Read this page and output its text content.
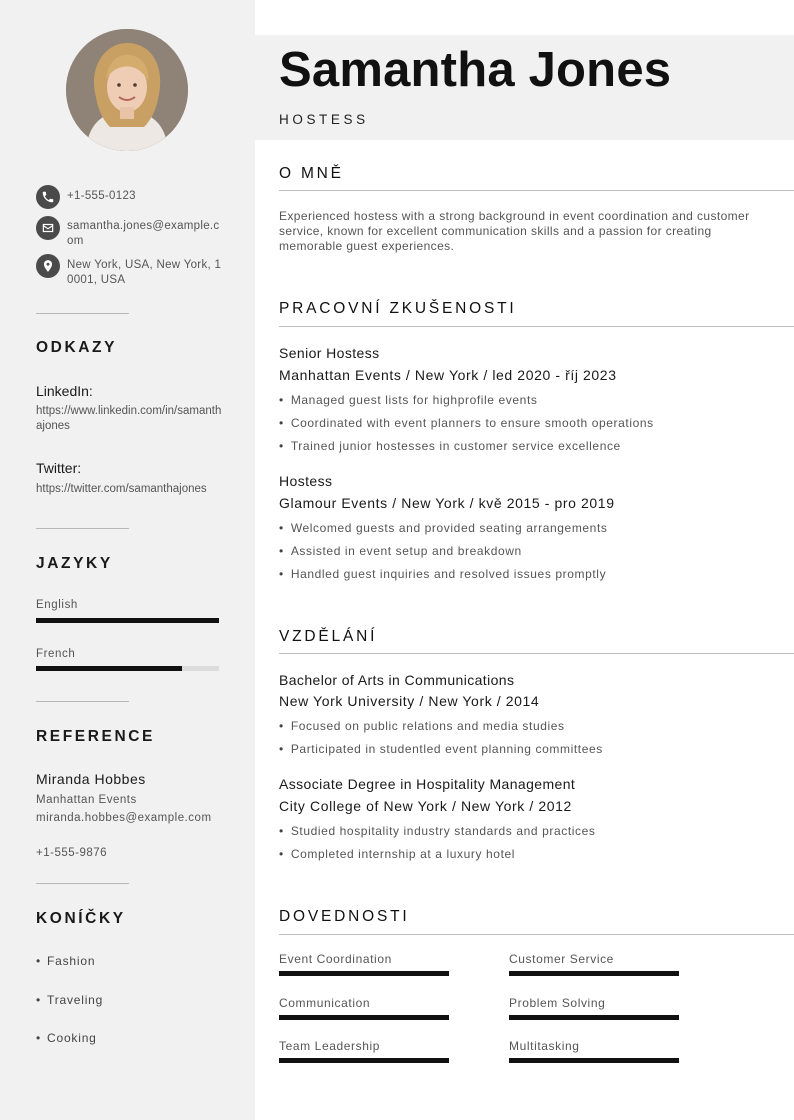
+1-555-0123
samantha.jones@example.com
New York, USA, New York, 10001, USA
ODKAZY
LinkedIn:
https://www.linkedin.com/in/samanthajones
Twitter:
https://twitter.com/samanthajones
JAZYKY
English
French
REFERENCE
Miranda Hobbes
Manhattan Events
miranda.hobbes@example.com
+1-555-9876
KONÍČKY
• Fashion
• Traveling
• Cooking
Samantha Jones
HOSTESS
O MNĚ
Experienced hostess with a strong background in event coordination and customer service, known for excellent communication skills and a passion for creating memorable guest experiences.
PRACOVNÍ ZKUŠENOSTI
Senior Hostess
Manhattan Events / New York / led 2020 - říj 2023
• Managed guest lists for highprofile events
• Coordinated with event planners to ensure smooth operations
• Trained junior hostesses in customer service excellence
Hostess
Glamour Events / New York / kvě 2015 - pro 2019
• Welcomed guests and provided seating arrangements
• Assisted in event setup and breakdown
• Handled guest inquiries and resolved issues promptly
VZDĚLÁNÍ
Bachelor of Arts in Communications
New York University / New York / 2014
• Focused on public relations and media studies
• Participated in studentled event planning committees
Associate Degree in Hospitality Management
City College of New York / New York / 2012
• Studied hospitality industry standards and practices
• Completed internship at a luxury hotel
DOVEDNOSTI
Event Coordination	Customer Service
Communication	Problem Solving
Team Leadership	Multitasking
